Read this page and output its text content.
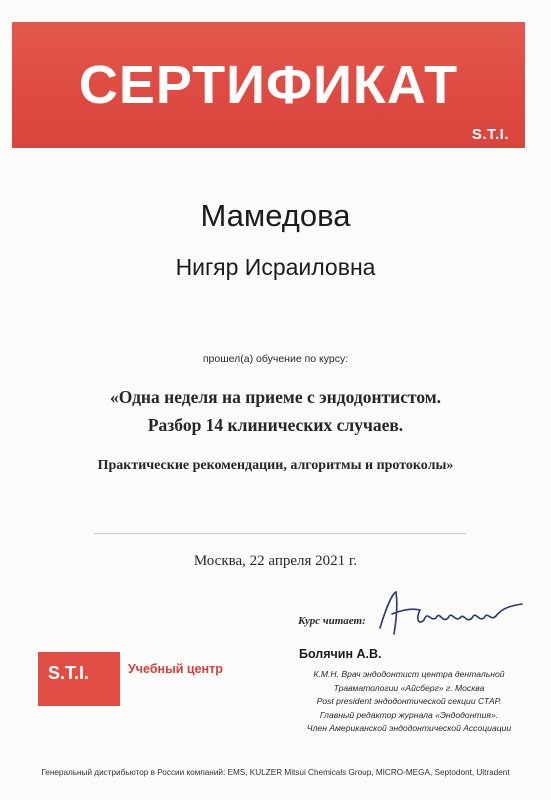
СЕРТИФИКАТ
S.T.I.
Мамедова
Нигяр Исраиловна
прошел(а) обучение по курсу:
«Одна неделя на приеме с эндодонтистом.
Разбор 14 клинических случаев.
Практические рекомендации, алгоритмы и протоколы»
Москва, 22 апреля 2021 г.
Курс читает:
S.T.I.	Учебный центр
Болячин А.В.
К.М.Н. Врач эндодонтист центра дентальной
Травматологии «Айсберг» г. Москва
Post president эндодонтической секции СТАР.
Главный редактор журнала «Эндодонтия».
Член Американской эндодонтической Ассоциации
Генеральный дистрибьютор в России компаний: EMS, KULZER Mitsui Chemicals Group, MICRO-MEGA, Septodont, Ultradent
